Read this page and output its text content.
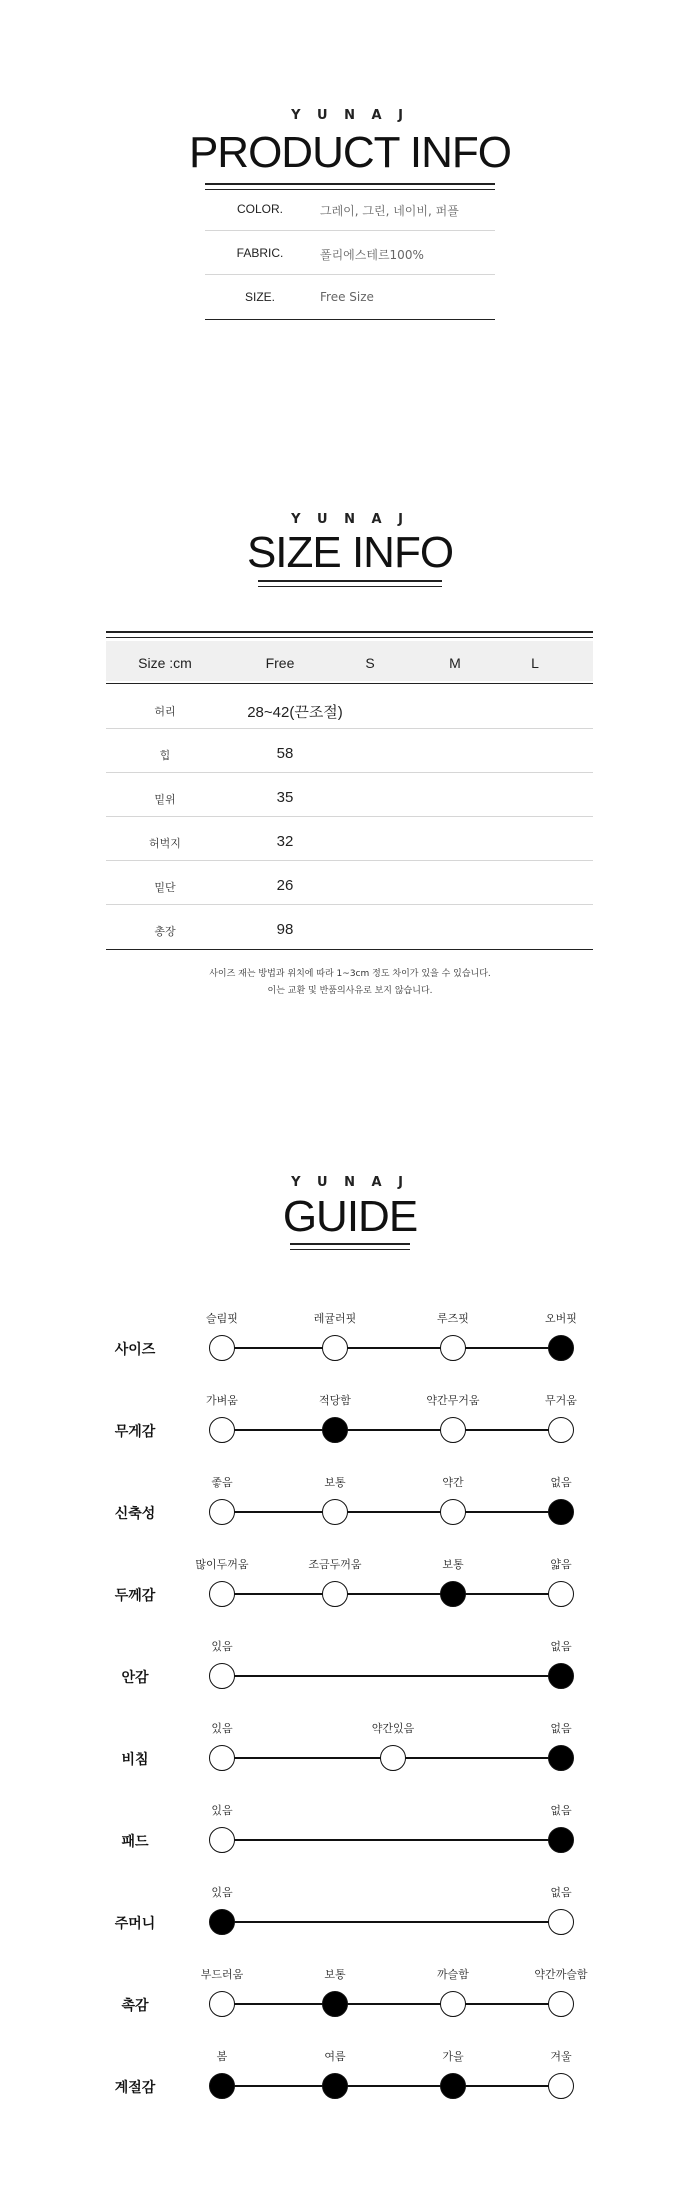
Y U N A J
PRODUCT INFO
COLOR.	그레이, 그린, 네이비, 퍼플
FABRIC.	폴리에스테르100%
SIZE.	Free Size
Y U N A J
SIZE INFO
Size :cm	Free	S	M	L
허리	28~42(끈조절)
힙	58
밑위	35
허벅지	32
밑단	26
총장	98
사이즈 재는 방법과 위치에 따라 1~3cm 정도 차이가 있을 수 있습니다.
이는 교환 및 반품의사유로 보지 않습니다.
Y U N A J
GUIDE
사이즈
슬림핏	레귤러핏	루즈핏	오버핏
무게감
가벼움	적당함	약간무거움	무거움
신축성
좋음	보통	약간	없음
두께감
많이두꺼움	조금두꺼움	보통	얇음
안감
있음	없음
비침
있음	약간있음	없음
패드
있음	없음
주머니
있음	없음
촉감
부드러움	보통	까슬함	약간까슬함
계절감
봄	여름	가을	겨울
